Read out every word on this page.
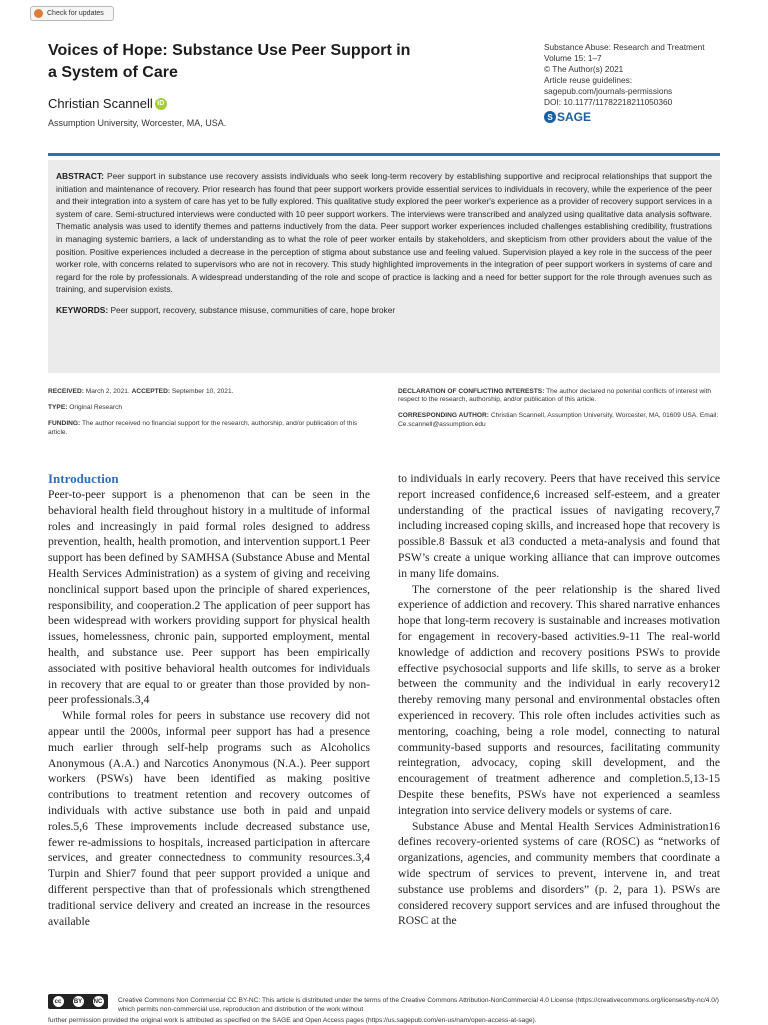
Check for updates
Voices of Hope: Substance Use Peer Support in a System of Care
Christian Scannell iD
Assumption University, Worcester, MA, USA.
Substance Abuse: Research and Treatment
Volume 15: 1–7
© The Author(s) 2021
Article reuse guidelines:
sagepub.com/journals-permissions
DOI: 10.1177/11782218211050360
S SAGE
ABSTRACT: Peer support in substance use recovery assists individuals who seek long-term recovery by establishing supportive and reciprocal relationships that support the initiation and maintenance of recovery. Prior research has found that peer support workers provide essential services to individuals in recovery, while the experience of the peer and their integration into a system of care has yet to be fully explored. This qualitative study explored the peer worker's experience as a provider of recovery support services in a system of care. Semi-structured interviews were conducted with 10 peer support workers. The interviews were transcribed and analyzed using qualitative data analysis software. Thematic analysis was used to identify themes and patterns inductively from the data. Peer support worker experiences included challenges establishing credibility, frustrations in managing systemic barriers, a lack of understanding as to what the role of peer worker entails by stakeholders, and skepticism from other providers about the value of the position. Positive experiences included a decrease in the perception of stigma about substance use and feeling valued. Supervision played a key role in the success of the peer worker role, with concerns related to supervisors who are not in recovery. This study highlighted improvements in the integration of peer support workers in systems of care and regard for the role by professionals. A widespread understanding of the role and scope of practice is lacking and a need for better support for the role through avenues such as training, and supervision exists.
KEYWORDS: Peer support, recovery, substance misuse, communities of care, hope broker

RECEIVED: March 2, 2021. ACCEPTED: September 10, 2021.

TYPE: Original Research

FUNDING: The author received no financial support for the research, authorship, and/or publication of this article.

DECLARATION OF CONFLICTING INTERESTS: The author declared no potential conflicts of interest with respect to the research, authorship, and/or publication of this article.

CORRESPONDING AUTHOR: Christian Scannell, Assumption University, Worcester, MA, 01609 USA. Email: Ce.scannell@assumption.edu

Introduction

Peer-to-peer support is a phenomenon that can be seen in the behavioral health field throughout history in a multitude of informal roles and increasingly in paid formal roles designed to address prevention, health, health promotion, and intervention support.1 Peer support has been defined by SAMHSA (Substance Abuse and Mental Health Services Administration) as a system of giving and receiving nonclinical support based upon the principle of shared experiences, responsibility, and cooperation.2 The application of peer support has been widespread with workers providing support for physical health issues, homelessness, chronic pain, supported employment, mental health, and substance use. Peer support has been empirically associated with positive behavioral health outcomes for individuals in recovery that are equal to or greater than those provided by non-peer professionals.3,4

While formal roles for peers in substance use recovery did not appear until the 2000s, informal peer support has had a presence much earlier through self-help programs such as Alcoholics Anonymous (A.A.) and Narcotics Anonymous (N.A.). Peer support workers (PSWs) have been identified as making positive contributions to treatment retention and recovery outcomes of individuals with active substance use both in paid and unpaid roles.5,6 These improvements include decreased substance use, fewer re-admissions to hospitals, increased participation in aftercare services, and greater connectedness to community resources.3,4 Turpin and Shier7 found that peer support provided a unique and different perspective than that of professionals which strengthened traditional service delivery and created an increase in the resources available

to individuals in early recovery. Peers that have received this service report increased confidence,6 increased self-esteem, and a greater understanding of the practical issues of navigating recovery,7 including increased coping skills, and increased hope that recovery is possible.8 Bassuk et al3 conducted a meta-analysis and found that PSW’s create a unique working alliance that can improve outcomes in many life domains.

The cornerstone of the peer relationship is the shared lived experience of addiction and recovery. This shared narrative enhances hope that long-term recovery is sustainable and increases motivation for engagement in recovery-based activities.9-11 The real-world knowledge of addiction and recovery positions PSWs to provide effective psychosocial supports and life skills, to serve as a broker between the community and the individual in early recovery12 thereby removing many personal and environmental obstacles often experienced in recovery. This role often includes activities such as mentoring, coaching, being a role model, connecting to natural community-based supports and resources, facilitating community reintegration, advocacy, coping skill development, and the encouragement of treatment adherence and completion.5,13-15 Despite these benefits, PSWs have not experienced a seamless integration into service delivery models or systems of care.

Substance Abuse and Mental Health Services Administration16 defines recovery-oriented systems of care (ROSC) as “networks of organizations, agencies, and community members that coordinate a wide spectrum of services to prevent, intervene in, and treat substance use problems and disorders” (p. 2, para 1). PSWs are considered recovery support services and are infused throughout the ROSC at the

cc	BY NC Creative Commons Non Commercial CC BY-NC: This article is distributed under the terms of the Creative Commons Attribution-NonCommercial 4.0 License (https://creativecommons.org/licenses/by-nc/4.0/) which permits non-commercial use, reproduction and distribution of the work without
further permission provided the original work is attributed as specified on the SAGE and Open Access pages (https://us.sagepub.com/en-us/nam/open-access-at-sage).
